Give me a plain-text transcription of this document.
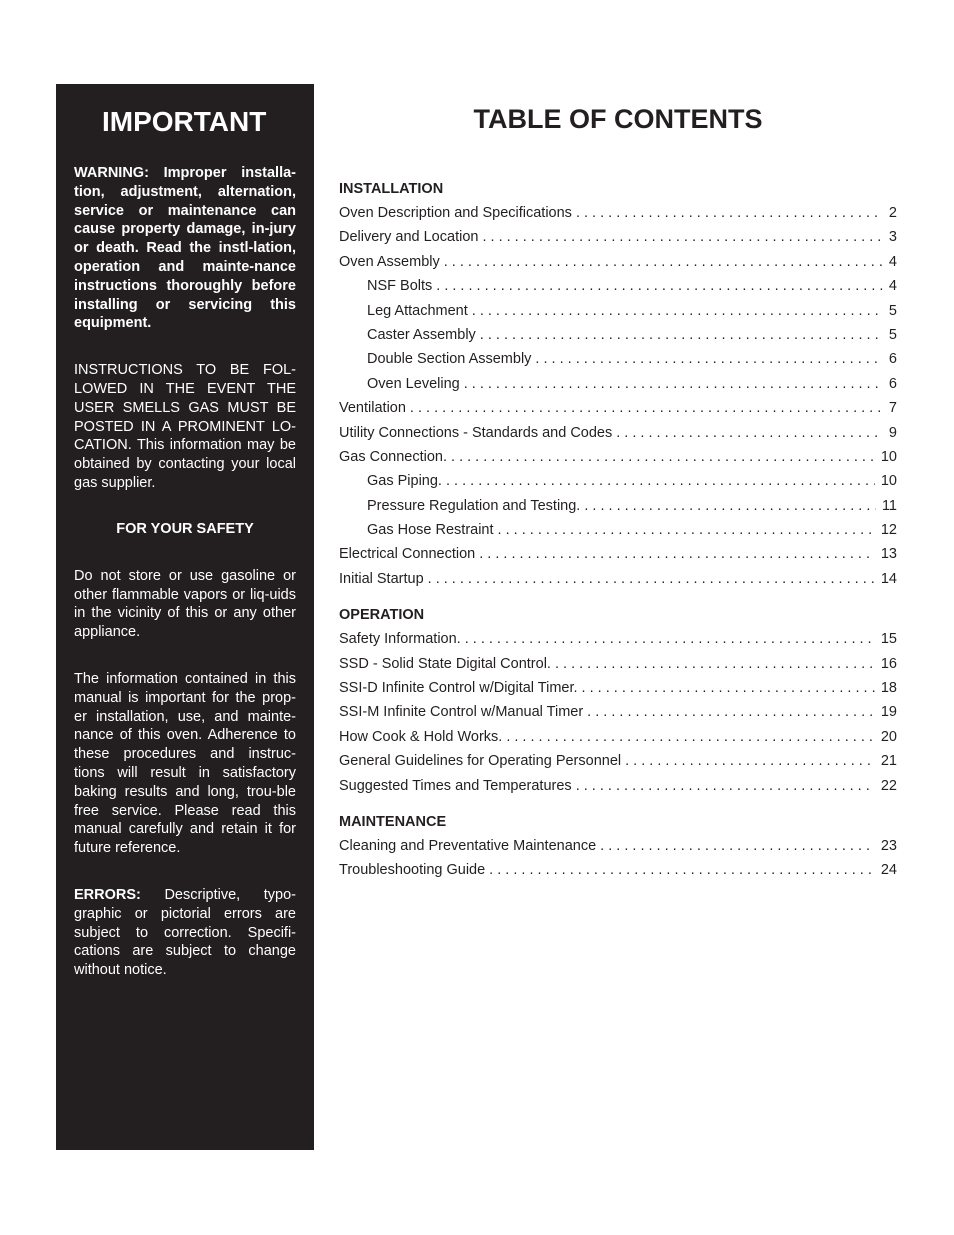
IMPORTANT

WARNING: Improper installa-tion, adjustment, alternation, service or maintenance can cause property damage, in-jury or death. Read the instl-lation, operation and mainte-nance instructions thoroughly before installing or servicing this equipment.

INSTRUCTIONS TO BE FOL-LOWED IN THE EVENT THE USER SMELLS GAS MUST BE POSTED IN A PROMINENT LO-CATION. This information may be obtained by contacting your local gas supplier.

FOR YOUR SAFETY

Do not store or use gasoline or other flammable vapors or liq-uids in the vicinity of this or any other appliance.

The information contained in this manual is important for the prop-er installation, use, and mainte-nance of this oven. Adherence to these procedures and instruc-tions will result in satisfactory baking results and long, trou-ble free service. Please read this manual carefully and retain it for future reference.

ERRORS: Descriptive, typo-graphic or pictorial errors are subject to correction. Specifi-cations are subject to change without notice.

TABLE OF CONTENTS
INSTALLATION
Oven Description and Specifications . . .	2
Delivery and Location . . .	3
Oven Assembly . . .	4
NSF Bolts . . .	4
Leg Attachment . . .	5
Caster Assembly . . .	5
Double Section Assembly . . .	6
Oven Leveling . . .	6
Ventilation . . .	7
Utility Connections - Standards and Codes . . .	9
Gas Connection. . . .	10
Gas Piping. . . .	10
Pressure Regulation and Testing. . . .	11
Gas Hose Restraint . . .	12
Electrical Connection . . .	13
Initial Startup . . .	14
OPERATION
Safety Information. . . .	15
SSD - Solid State Digital Control. . . .	16
SSI-D Infinite Control w/Digital Timer. . . .	18
SSI-M Infinite Control w/Manual Timer . . .	19
How Cook & Hold Works. . . .	20
General Guidelines for Operating Personnel . . .	21
Suggested Times and Temperatures . . .	22
MAINTENANCE
Cleaning and Preventative Maintenance . . .	23
Troubleshooting Guide . . .	24
